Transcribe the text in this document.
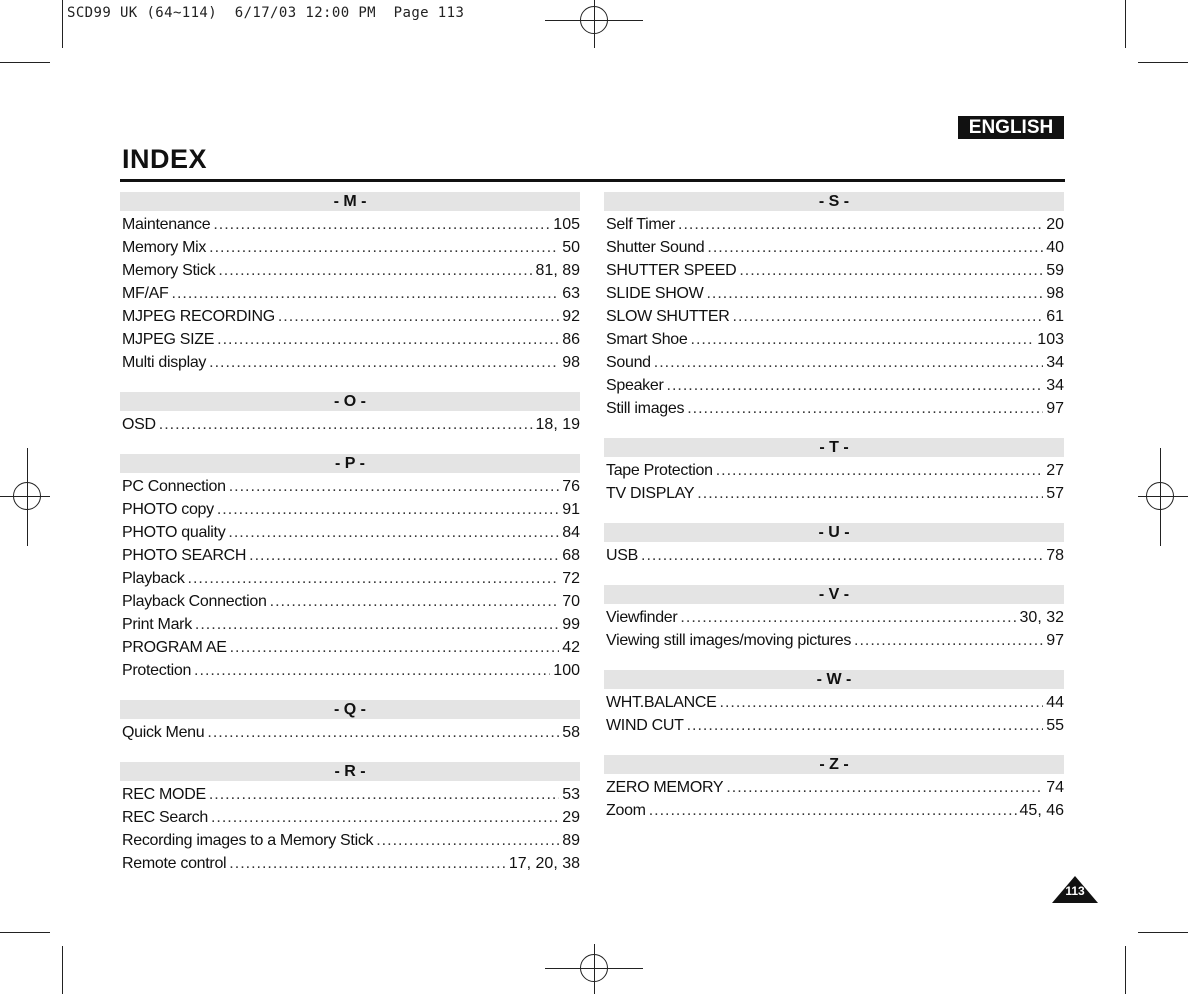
SCD99 UK (64~114)  6/17/03 12:00 PM  Page 113
ENGLISH
INDEX
- M -
Maintenance .....	105
Memory Mix .....	50
Memory Stick .....	81, 89
MF/AF .....	63
MJPEG RECORDING .....	92
MJPEG SIZE .....	86
Multi display .....	98
- O -
OSD .....	18, 19
- P -
PC Connection .....	76
PHOTO copy .....	91
PHOTO quality .....	84
PHOTO SEARCH .....	68
Playback .....	72
Playback Connection .....	70
Print Mark .....	99
PROGRAM AE .....	42
Protection .....	100
- Q -
Quick Menu .....	58
- R -
REC MODE .....	53
REC Search .....	29
Recording images to a Memory Stick .....	89
Remote control .....	17, 20, 38
- S -
Self Timer .....	20
Shutter Sound .....	40
SHUTTER SPEED .....	59
SLIDE SHOW .....	98
SLOW SHUTTER .....	61
Smart Shoe .....	103
Sound .....	34
Speaker .....	34
Still images .....	97
- T -
Tape Protection .....	27
TV DISPLAY .....	57
- U -
USB .....	78
- V -
Viewfinder .....	30, 32
Viewing still images/moving pictures .....	97
- W -
WHT.BALANCE .....	44
WIND CUT .....	55
- Z -
ZERO MEMORY .....	74
Zoom .....	45, 46
113
